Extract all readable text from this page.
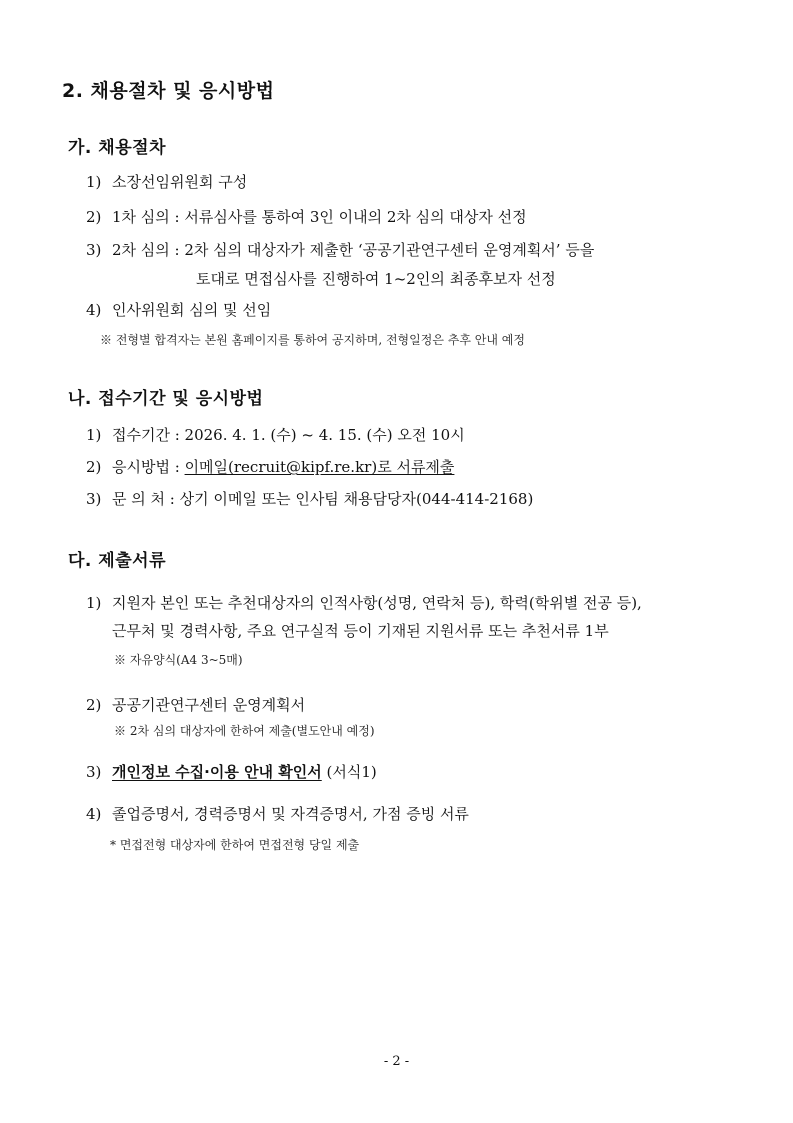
2. 채용절차 및 응시방법
가. 채용절차
1) 소장선임위원회 구성
2) 1차 심의 : 서류심사를 통하여 3인 이내의 2차 심의 대상자 선정
3) 2차 심의 : 2차 심의 대상자가 제출한 ‘공공기관연구센터 운영계획서’ 등을
토대로 면접심사를 진행하여 1~2인의 최종후보자 선정
4) 인사위원회 심의 및 선임
※ 전형별 합격자는 본원 홈페이지를 통하여 공지하며, 전형일정은 추후 안내 예정
나. 접수기간 및 응시방법
1) 접수기간 : 2026. 4. 1. (수) ~ 4. 15. (수) 오전 10시
2) 응시방법 : 이메일(recruit@kipf.re.kr)로 서류제출
3) 문 의 처 : 상기 이메일 또는 인사팀 채용담당자(044-414-2168)
다. 제출서류
1) 지원자 본인 또는 추천대상자의 인적사항(성명, 연락처 등), 학력(학위별 전공 등),
근무처 및 경력사항, 주요 연구실적 등이 기재된 지원서류 또는 추천서류 1부
※ 자유양식(A4 3~5매)
2) 공공기관연구센터 운영계획서
※ 2차 심의 대상자에 한하여 제출(별도안내 예정)
3) 개인정보 수집·이용 안내 확인서 (서식1)
4) 졸업증명서, 경력증명서 및 자격증명서, 가점 증빙 서류
* 면접전형 대상자에 한하여 면접전형 당일 제출
- 2 -
